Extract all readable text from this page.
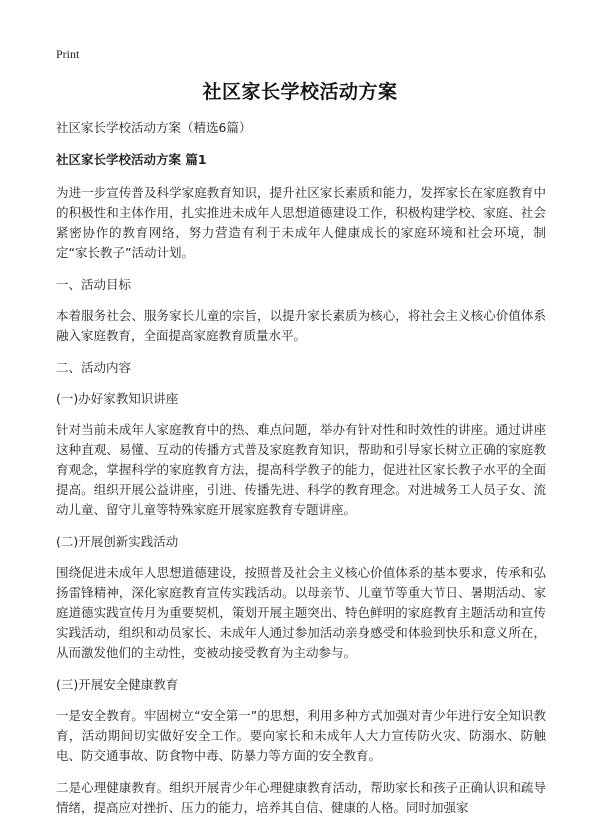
Print
社区家长学校活动方案
社区家长学校活动方案（精选6篇）
社区家长学校活动方案 篇1
为进一步宣传普及科学家庭教育知识，提升社区家长素质和能力，发挥家长在家庭教育中的积极性和主体作用，扎实推进未成年人思想道德建设工作，积极构建学校、家庭、社会紧密协作的教育网络，努力营造有利于未成年人健康成长的家庭环境和社会环境，制定“家长教子”活动计划。
一、活动目标
本着服务社会、服务家长儿童的宗旨，以提升家长素质为核心，将社会主义核心价值体系融入家庭教育，全面提高家庭教育质量水平。
二、活动内容
(一)办好家教知识讲座
针对当前未成年人家庭教育中的热、难点问题，举办有针对性和时效性的讲座。通过讲座这种直观、易懂、互动的传播方式普及家庭教育知识，帮助和引导家长树立正确的家庭教育观念，掌握科学的家庭教育方法，提高科学教子的能力，促进社区家长教子水平的全面提高。组织开展公益讲座，引进、传播先进、科学的教育理念。对进城务工人员子女、流动儿童、留守儿童等特殊家庭开展家庭教育专题讲座。
(二)开展创新实践活动
围绕促进未成年人思想道德建设，按照普及社会主义核心价值体系的基本要求，传承和弘扬雷锋精神，深化家庭教育宣传实践活动。以母亲节、儿童节等重大节日、暑期活动、家庭道德实践宣传月为重要契机，策划开展主题突出、特色鲜明的家庭教育主题活动和宣传实践活动，组织和动员家长、未成年人通过参加活动亲身感受和体验到快乐和意义所在，从而激发他们的主动性，变被动接受教育为主动参与。
(三)开展安全健康教育
一是安全教育。牢固树立“安全第一”的思想，利用多种方式加强对青少年进行安全知识教育，活动期间切实做好安全工作。要向家长和未成年人大力宣传防火灾、防溺水、防触电、防交通事故、防食物中毒、防暴力等方面的安全教育。
二是心理健康教育。组织开展青少年心理健康教育活动，帮助家长和孩子正确认识和疏导情绪，提高应对挫折、压力的能力，培养其自信、健康的人格。同时加强家
